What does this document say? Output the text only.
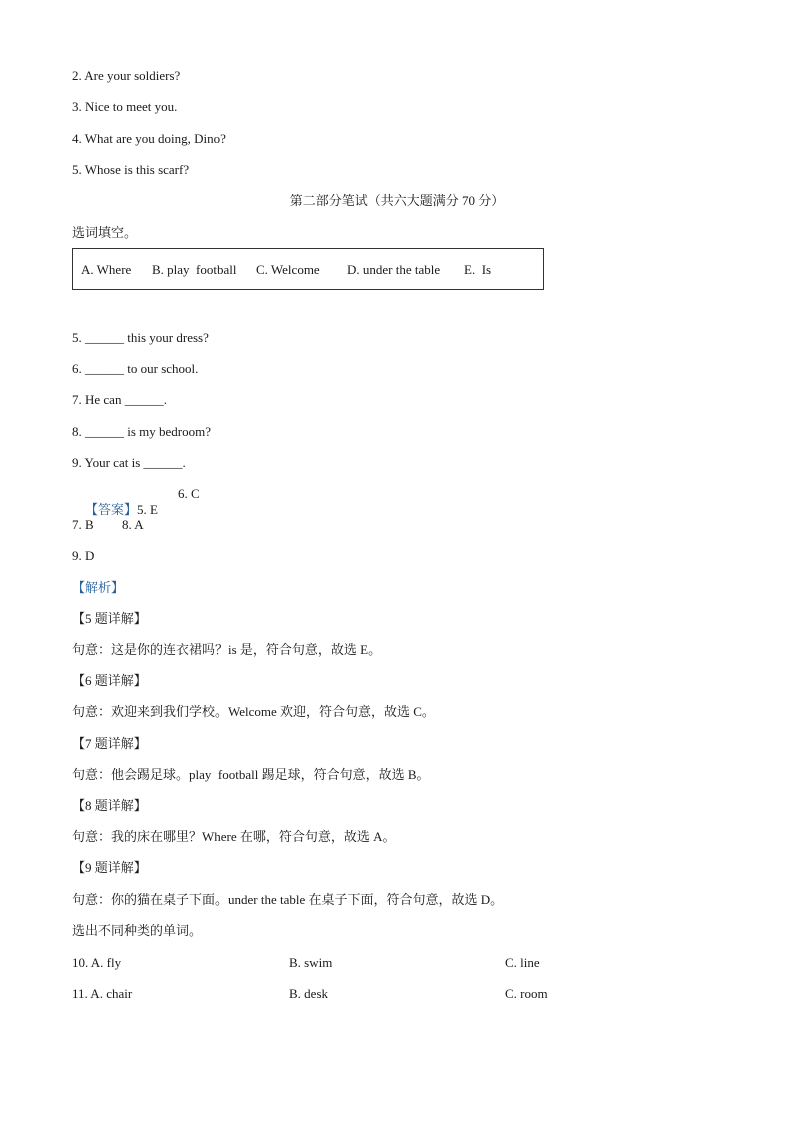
2. Are your soldiers?
3. Nice to meet you.
4. What are you doing, Dino?
5. Whose is this scarf?
第二部分笔试（共六大题满分 70 分）
选词填空。
A. Where B. play  football C. Welcome D. under the table E.  Is
5. ______ this your dress?
6. ______ to our school.
7. He can ______.
8. ______ is my bedroom?
9. Your cat is ______.

【答案】5. E

6. C
7. B 8. A
9. D
【解析】
【5 题详解】
句意：这是你的连衣裙吗？is 是，符合句意，故选 E。
【6 题详解】
句意：欢迎来到我们学校。Welcome 欢迎，符合句意，故选 C。
【7 题详解】
句意：他会踢足球。play  football 踢足球，符合句意，故选 B。
【8 题详解】
句意：我的床在哪里？Where 在哪，符合句意，故选 A。
【9 题详解】
句意：你的猫在桌子下面。under the table 在桌子下面，符合句意，故选 D。
选出不同种类的单词。
10. A. fly	B. swim	C. line
11. A. chair	B. desk	C. room
